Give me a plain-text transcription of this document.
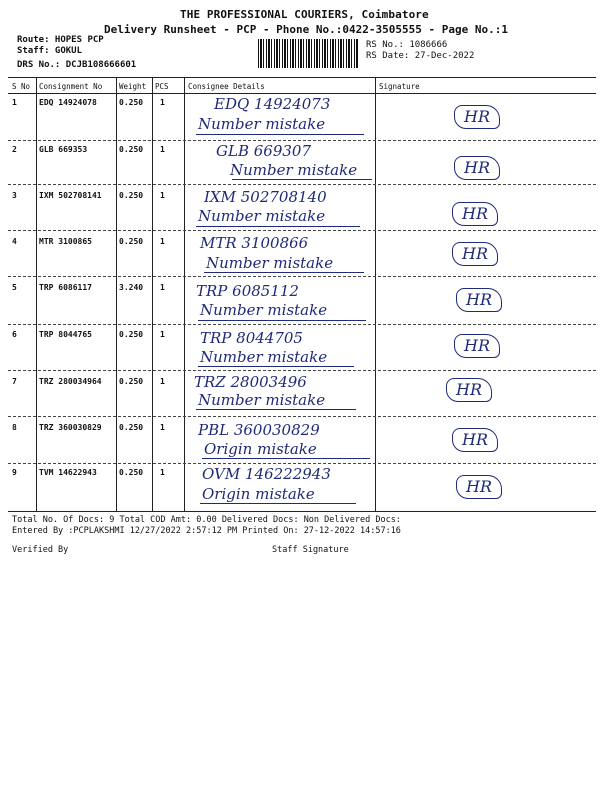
THE PROFESSIONAL COURIERS, Coimbatore
Delivery Runsheet - PCP - Phone No.:0422-3505555 - Page No.:1
Route: HOPES PCP
Staff: GOKUL
DRS No.: DCJB108666601
RS No.: 1086666
RS Date: 27-Dec-2022
S No Consignment No Weight PCS	Consignee Details	Signature
1	EDQ 14924078	0.250 1	EDQ 14924073
Number mistake	HR
2	GLB 669353	0.250 1	GLB 669307
Number mistake	HR
3	IXM 502708141 0.250 1	IXM 502708140
Number mistake	HR
4	MTR 3100865	0.250 1 MTR 3100866
Number mistake	HR
5	TRP 6086117	3.240 1 TRP 6085112
Number mistake
HR
6	TRP 8044765	0.250 1 TRP 8044705
Number mistake
HR
7	TRZ 280034964 0.250 1 TRZ 28003496
Number mistake
HR
8	TRZ 360030829 0.250 1 PBL 360030829
Origin mistake	HR
9	TVM 14622943	0.250 1 OVM 146222943
Origin mistake	HR
Total No. Of Docs: 9 Total COD Amt: 0.00 Delivered Docs: Non Delivered Docs:
Entered By :PCPLAKSHMI 12/27/2022 2:57:12 PM Printed On: 27-12-2022 14:57:16
Verified By	Staff Signature
